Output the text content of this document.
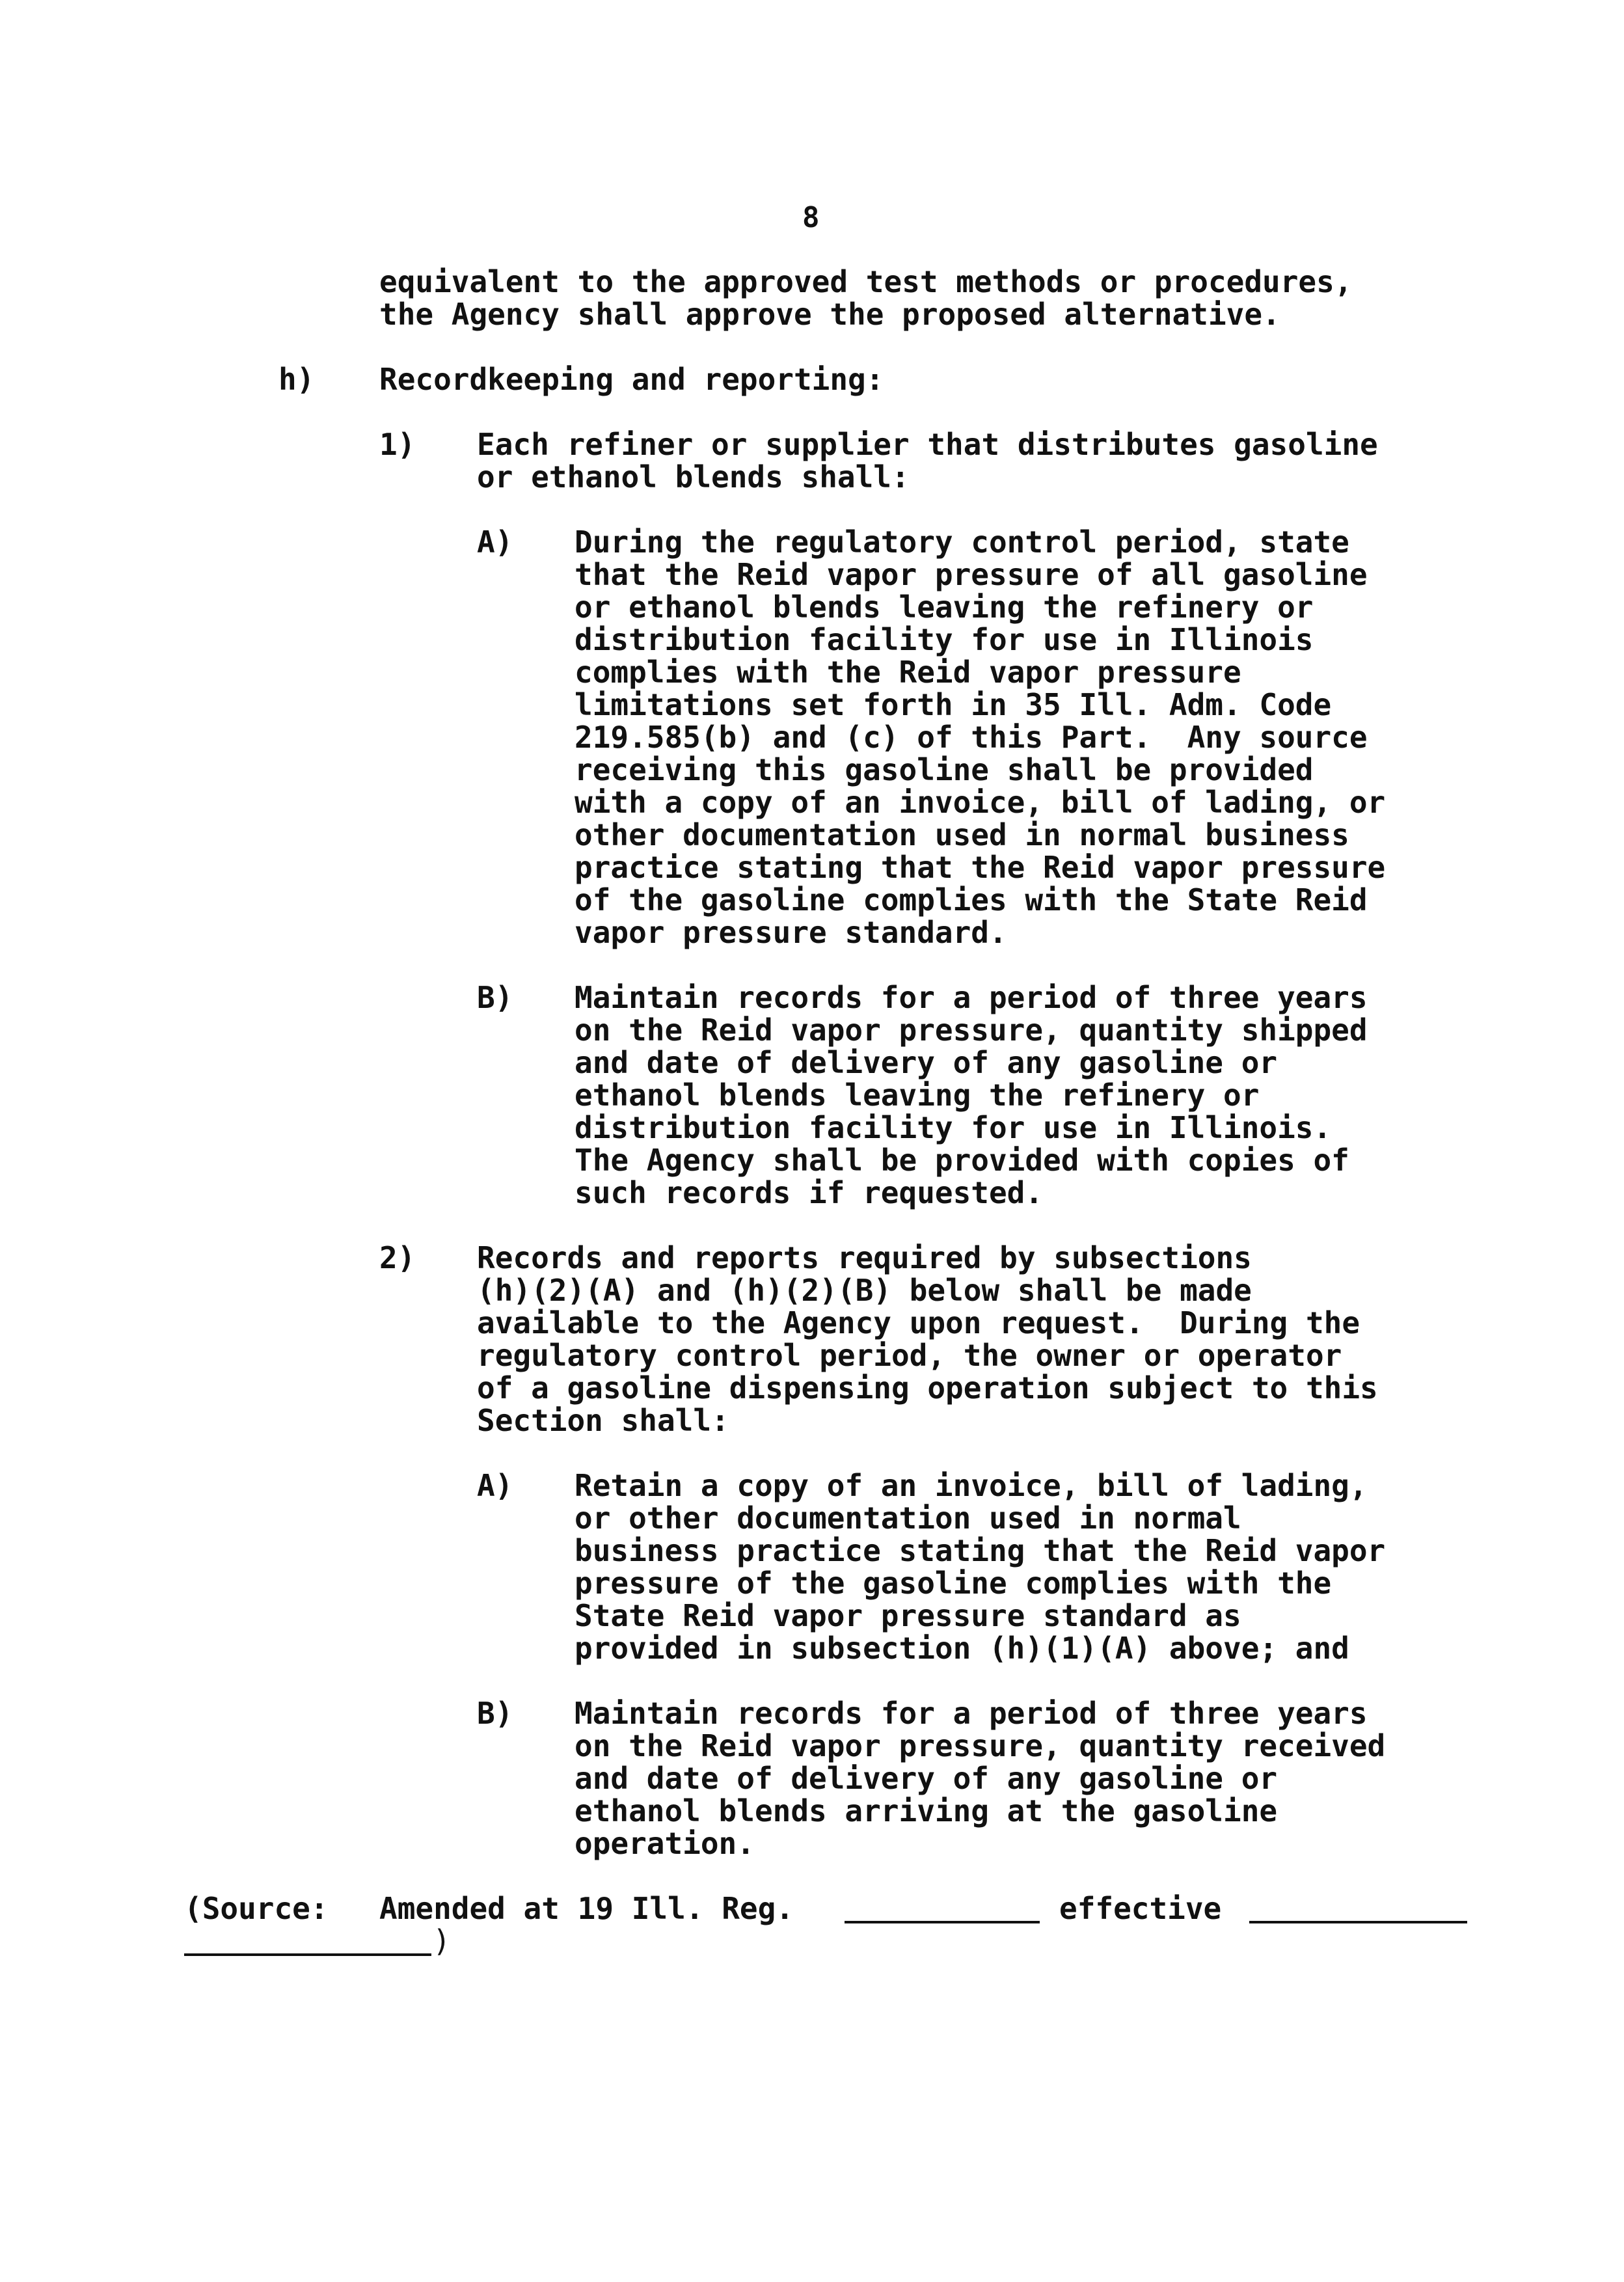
8
equivalent to the approved test methods or procedures,
the Agency shall approve the proposed alternative.
h) Recordkeeping and reporting:
1) Each refiner or supplier that distributes gasoline
or ethanol blends shall:
A) During the regulatory control period, state
that the Reid vapor pressure of all gasoline
or ethanol blends leaving the refinery or
distribution facility for use in Illinois
complies with the Reid vapor pressure
limitations set forth in 35 Ill. Adm. Code
219.585(b) and (c) of this Part.  Any source
receiving this gasoline shall be provided
with a copy of an invoice, bill of lading, or
other documentation used in normal business
practice stating that the Reid vapor pressure
of the gasoline complies with the State Reid
vapor pressure standard.
B) Maintain records for a period of three years
on the Reid vapor pressure, quantity shipped
and date of delivery of any gasoline or
ethanol blends leaving the refinery or
distribution facility for use in Illinois.
The Agency shall be provided with copies of
such records if requested.
2) Records and reports required by subsections
(h)(2)(A) and (h)(2)(B) below shall be made
available to the Agency upon request.  During the
regulatory control period, the owner or operator
of a gasoline dispensing operation subject to this
Section shall:
A) Retain a copy of an invoice, bill of lading,
or other documentation used in normal
business practice stating that the Reid vapor
pressure of the gasoline complies with the
State Reid vapor pressure standard as
provided in subsection (h)(1)(A) above; and
B) Maintain records for a period of three years
on the Reid vapor pressure, quantity received
and date of delivery of any gasoline or
ethanol blends arriving at the gasoline
operation.
(Source: Amended at 19 Ill. Reg.	effective
)
